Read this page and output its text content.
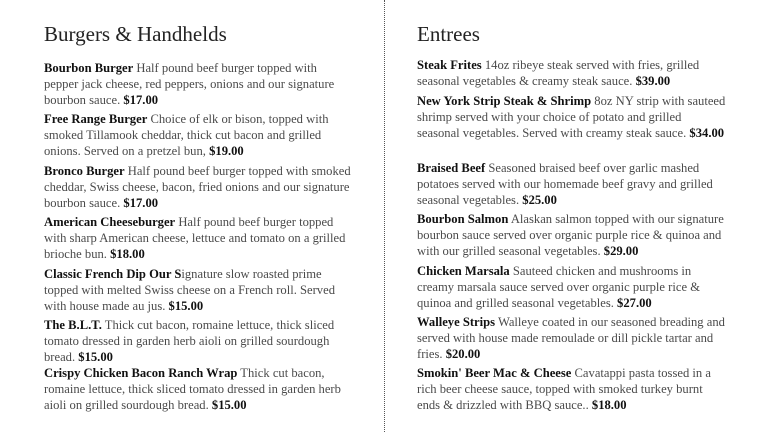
Burgers & Handhelds
Bourbon Burger Half pound beef burger topped with pepper jack cheese, red peppers, onions and our signature bourbon sauce. $17.00
Free Range Burger Choice of elk or bison, topped with smoked Tillamook cheddar, thick cut bacon and grilled onions. Served on a pretzel bun, $19.00
Bronco Burger Half pound beef burger topped with smoked cheddar, Swiss cheese, bacon, fried onions and our signature bourbon sauce. $17.00
American Cheeseburger Half pound beef burger topped with sharp American cheese, lettuce and tomato on a grilled brioche bun. $18.00
Classic French Dip Our Signature slow roasted prime topped with melted Swiss cheese on a French roll. Served with house made au jus. $15.00
The B.L.T. Thick cut bacon, romaine lettuce, thick sliced tomato dressed in garden herb aioli on grilled sourdough bread. $15.00
Crispy Chicken Bacon Ranch Wrap Thick cut bacon, romaine lettuce, thick sliced tomato dressed in garden herb aioli on grilled sourdough bread. $15.00
Entrees
Steak Frites 14oz ribeye steak served with fries, grilled seasonal vegetables & creamy steak sauce. $39.00
New York Strip Steak & Shrimp 8oz NY strip with sauteed shrimp served with your choice of potato and grilled seasonal vegetables. Served with creamy steak sauce. $34.00
Braised Beef Seasoned braised beef over garlic mashed potatoes served with our homemade beef gravy and grilled seasonal vegetables. $25.00
Bourbon Salmon Alaskan salmon topped with our signature bourbon sauce served over organic purple rice & quinoa and with our grilled seasonal vegetables. $29.00
Chicken Marsala Sauteed chicken and mushrooms in creamy marsala sauce served over organic purple rice & quinoa and grilled seasonal vegetables. $27.00
Walleye Strips Walleye coated in our seasoned breading and served with house made remoulade or dill pickle tartar and fries. $20.00
Smokin' Beer Mac & Cheese Cavatappi pasta tossed in a rich beer cheese sauce, topped with smoked turkey burnt ends & drizzled with BBQ sauce.. $18.00
